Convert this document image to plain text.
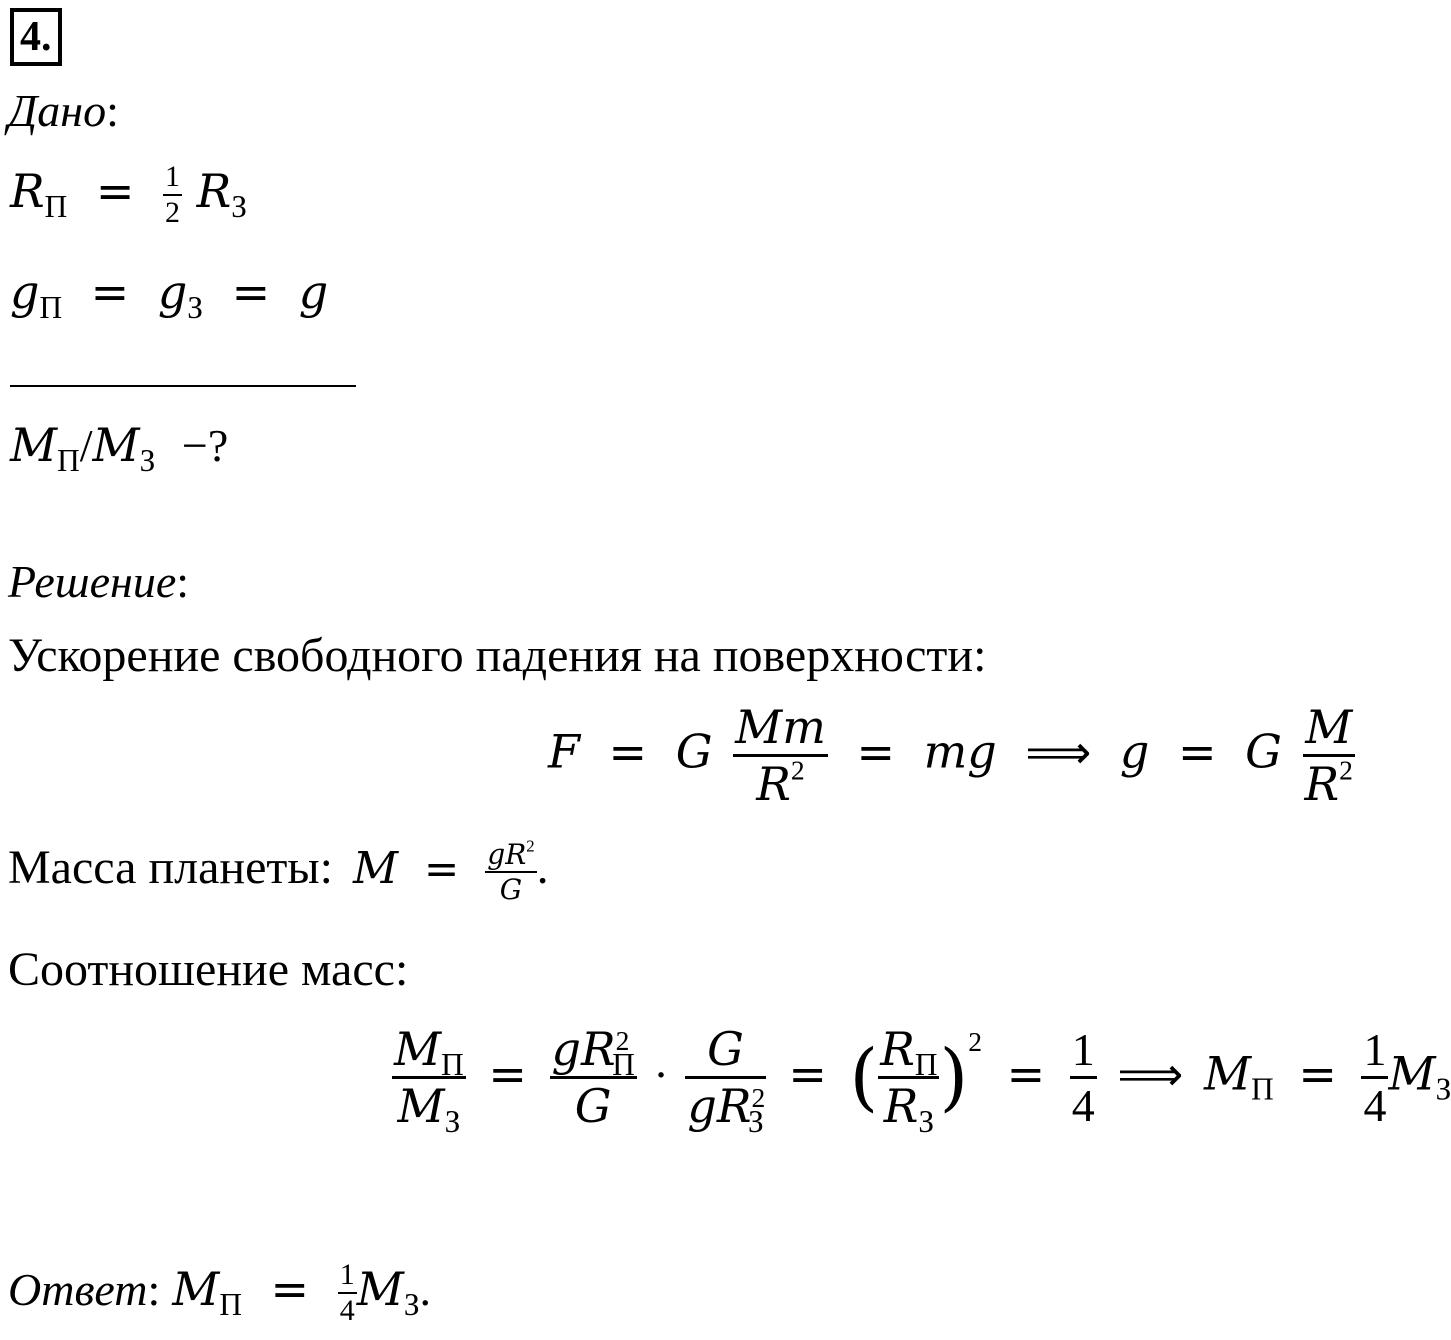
4.
Дано:
$R_П = \frac{1}{2} R_З$
$g_П = g_З = g$
$M_П/M_З$ −?
Решение:
Ускорение свободного падения на поверхности:
F = G $\frac{Mm}{R^2}$ = mg ⟹ g = G $\frac{M}{R^2}$
Масса планеты: $M = \frac{gR^2}{G}$ .
Соотношение масс:
$\frac{M_П}{M_З} = \frac{gR^2_П}{G} \cdot \frac{G}{gR^2_З}$ = ( $\frac{R_П}{R_З} )^2 = \frac{1}{4}$ ⟹ $M_П = \frac{1}{4} M_З$
Ответ: $M_П = \frac{1}{4} M_З$.
